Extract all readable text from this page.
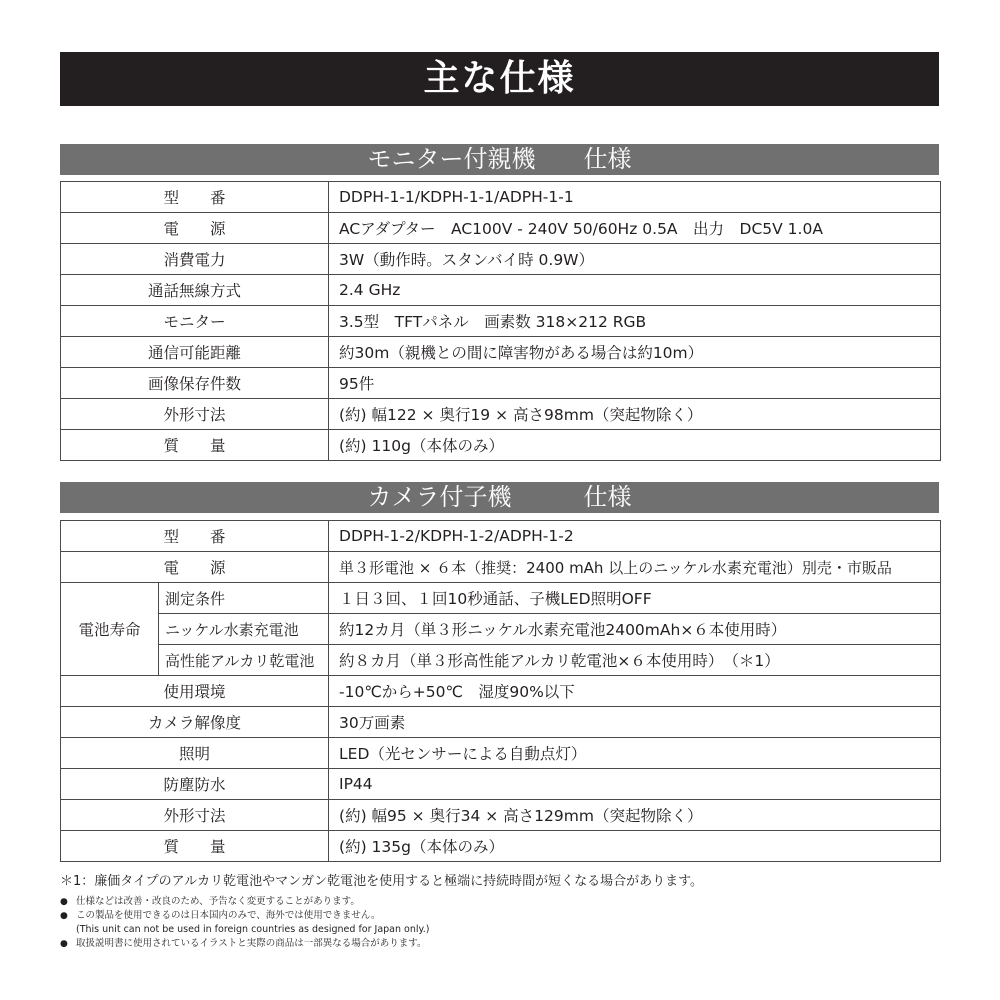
主な仕様
モニター付親機　　 仕様
型　　番	DDPH-1-1/KDPH-1-1/ADPH-1-1
電　　源	ACアダプター　AC100V - 240V 50/60Hz 0.5A　出力　DC5V 1.0A
消費電力	3W（動作時。スタンバイ時 0.9W）
通話無線方式	2.4 GHz
モニター	3.5型　TFTパネル　画素数 318×212 RGB
通信可能距離	約30m（親機との間に障害物がある場合は約10m）
画像保存件数	95件
外形寸法	(約) 幅122 × 奥行19 × 高さ98mm（突起物除く）
質　　量	(約) 110g（本体のみ）
カメラ付子機　　　	仕様
型　　番		DDPH-1-2/KDPH-1-2/ADPH-1-2
電　　源		単３形電池 × ６本（推奨：2400 mAh 以上のニッケル水素充電池）別売・市販品
電池寿命	測定条件	１日３回、１回10秒通話、子機LED照明OFF
	ニッケル水素充電池	約12カ月（単３形ニッケル水素充電池2400mAh×６本使用時）
	高性能アルカリ乾電池	約８カ月（単３形高性能アルカリ乾電池×６本使用時）　（＊1）
使用環境		-10℃から+50℃　湿度90%以下
カメラ解像度		30万画素
照明		LED（光センサーによる自動点灯）
防塵防水		IP44
外形寸法		(約) 幅95 × 奥行34 × 高さ129mm（突起物除く）
質　　量		(約) 135g（本体のみ）
＊1：廉価タイプのアルカリ乾電池やマンガン乾電池を使用すると極端に持続時間が短くなる場合があります。
● 仕様などは改善・改良のため、予告なく変更することがあります。
● この製品を使用できるのは日本国内のみで、海外では使用できません。
(This unit can not be used in foreign countries as designed for Japan only.)
● 取扱説明書に使用されているイラストと実際の商品は一部異なる場合があります。
